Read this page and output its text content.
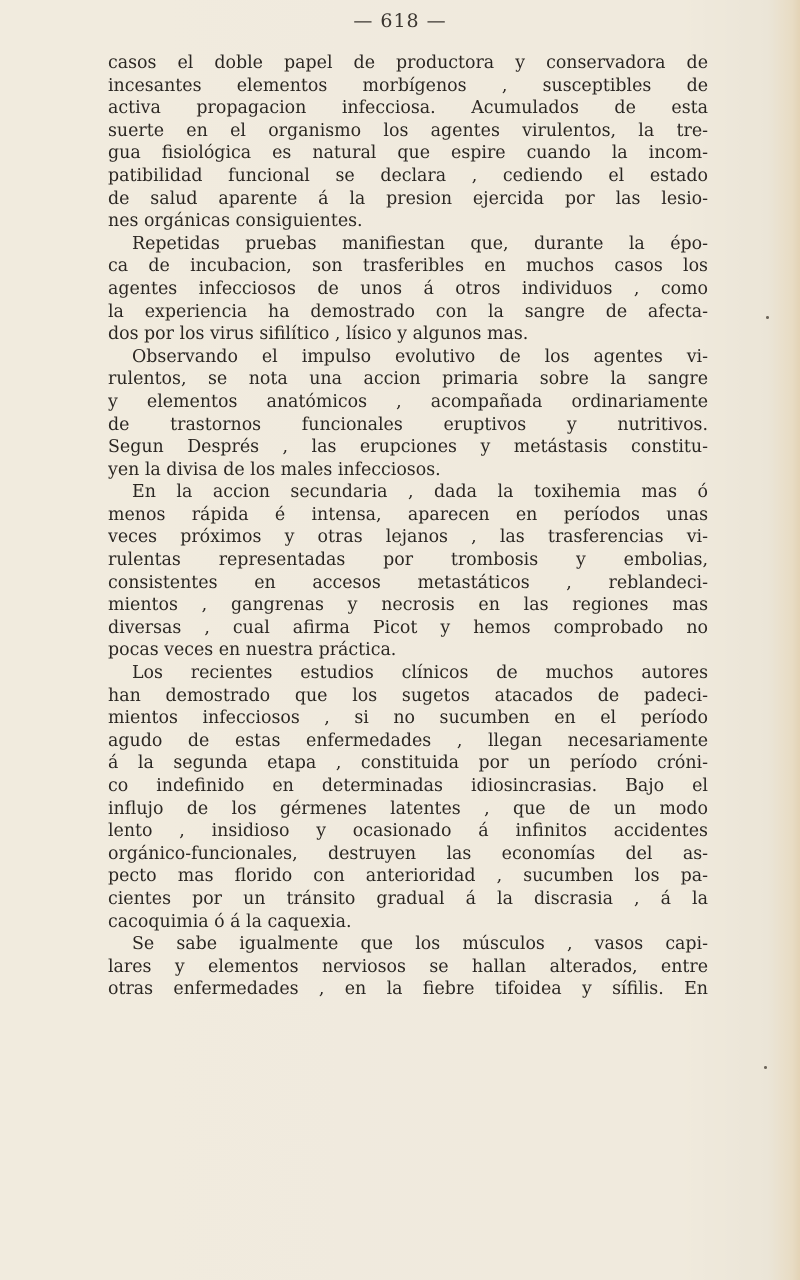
— 618 —
casos el doble papel de productora y conservadora de
incesantes elementos morbígenos , susceptibles de
activa propagacion infecciosa. Acumulados de esta
suerte en el organismo los agentes virulentos, la tre-
gua fisiológica es natural que espire cuando la incom-
patibilidad funcional se declara , cediendo el estado
de salud aparente á la presion ejercida por las lesio-
nes orgánicas consiguientes.
Repetidas pruebas manifiestan que, durante la épo-
ca de incubacion, son trasferibles en muchos casos los
agentes infecciosos de unos á otros individuos , como
la experiencia ha demostrado con la sangre de afecta-
dos por los virus sifilítico , lísico y algunos mas.
Observando el impulso evolutivo de los agentes vi-
rulentos, se nota una accion primaria sobre la sangre
y elementos anatómicos , acompañada ordinariamente
de trastornos funcionales eruptivos y nutritivos.
Segun Després , las erupciones y metástasis constitu-
yen la divisa de los males infecciosos.
En la accion secundaria , dada la toxihemia mas ó
menos rápida é intensa, aparecen en períodos unas
veces próximos y otras lejanos , las trasferencias vi-
rulentas representadas por trombosis y embolias,
consistentes en accesos metastáticos , reblandeci-
mientos , gangrenas y necrosis en las regiones mas
diversas , cual afirma Picot y hemos comprobado no
pocas veces en nuestra práctica.
Los recientes estudios clínicos de muchos autores
han demostrado que los sugetos atacados de padeci-
mientos infecciosos , si no sucumben en el período
agudo de estas enfermedades , llegan necesariamente
á la segunda etapa , constituida por un período cróni-
co indefinido en determinadas idiosincrasias. Bajo el
influjo de los gérmenes latentes , que de un modo
lento , insidioso y ocasionado á infinitos accidentes
orgánico-funcionales, destruyen las economías del as-
pecto mas florido con anterioridad , sucumben los pa-
cientes por un tránsito gradual á la discrasia , á la
cacoquimia ó á la caquexia.
Se sabe igualmente que los músculos , vasos capi-
lares y elementos nerviosos se hallan alterados, entre
otras enfermedades , en la fiebre tifoidea y sífilis. En
